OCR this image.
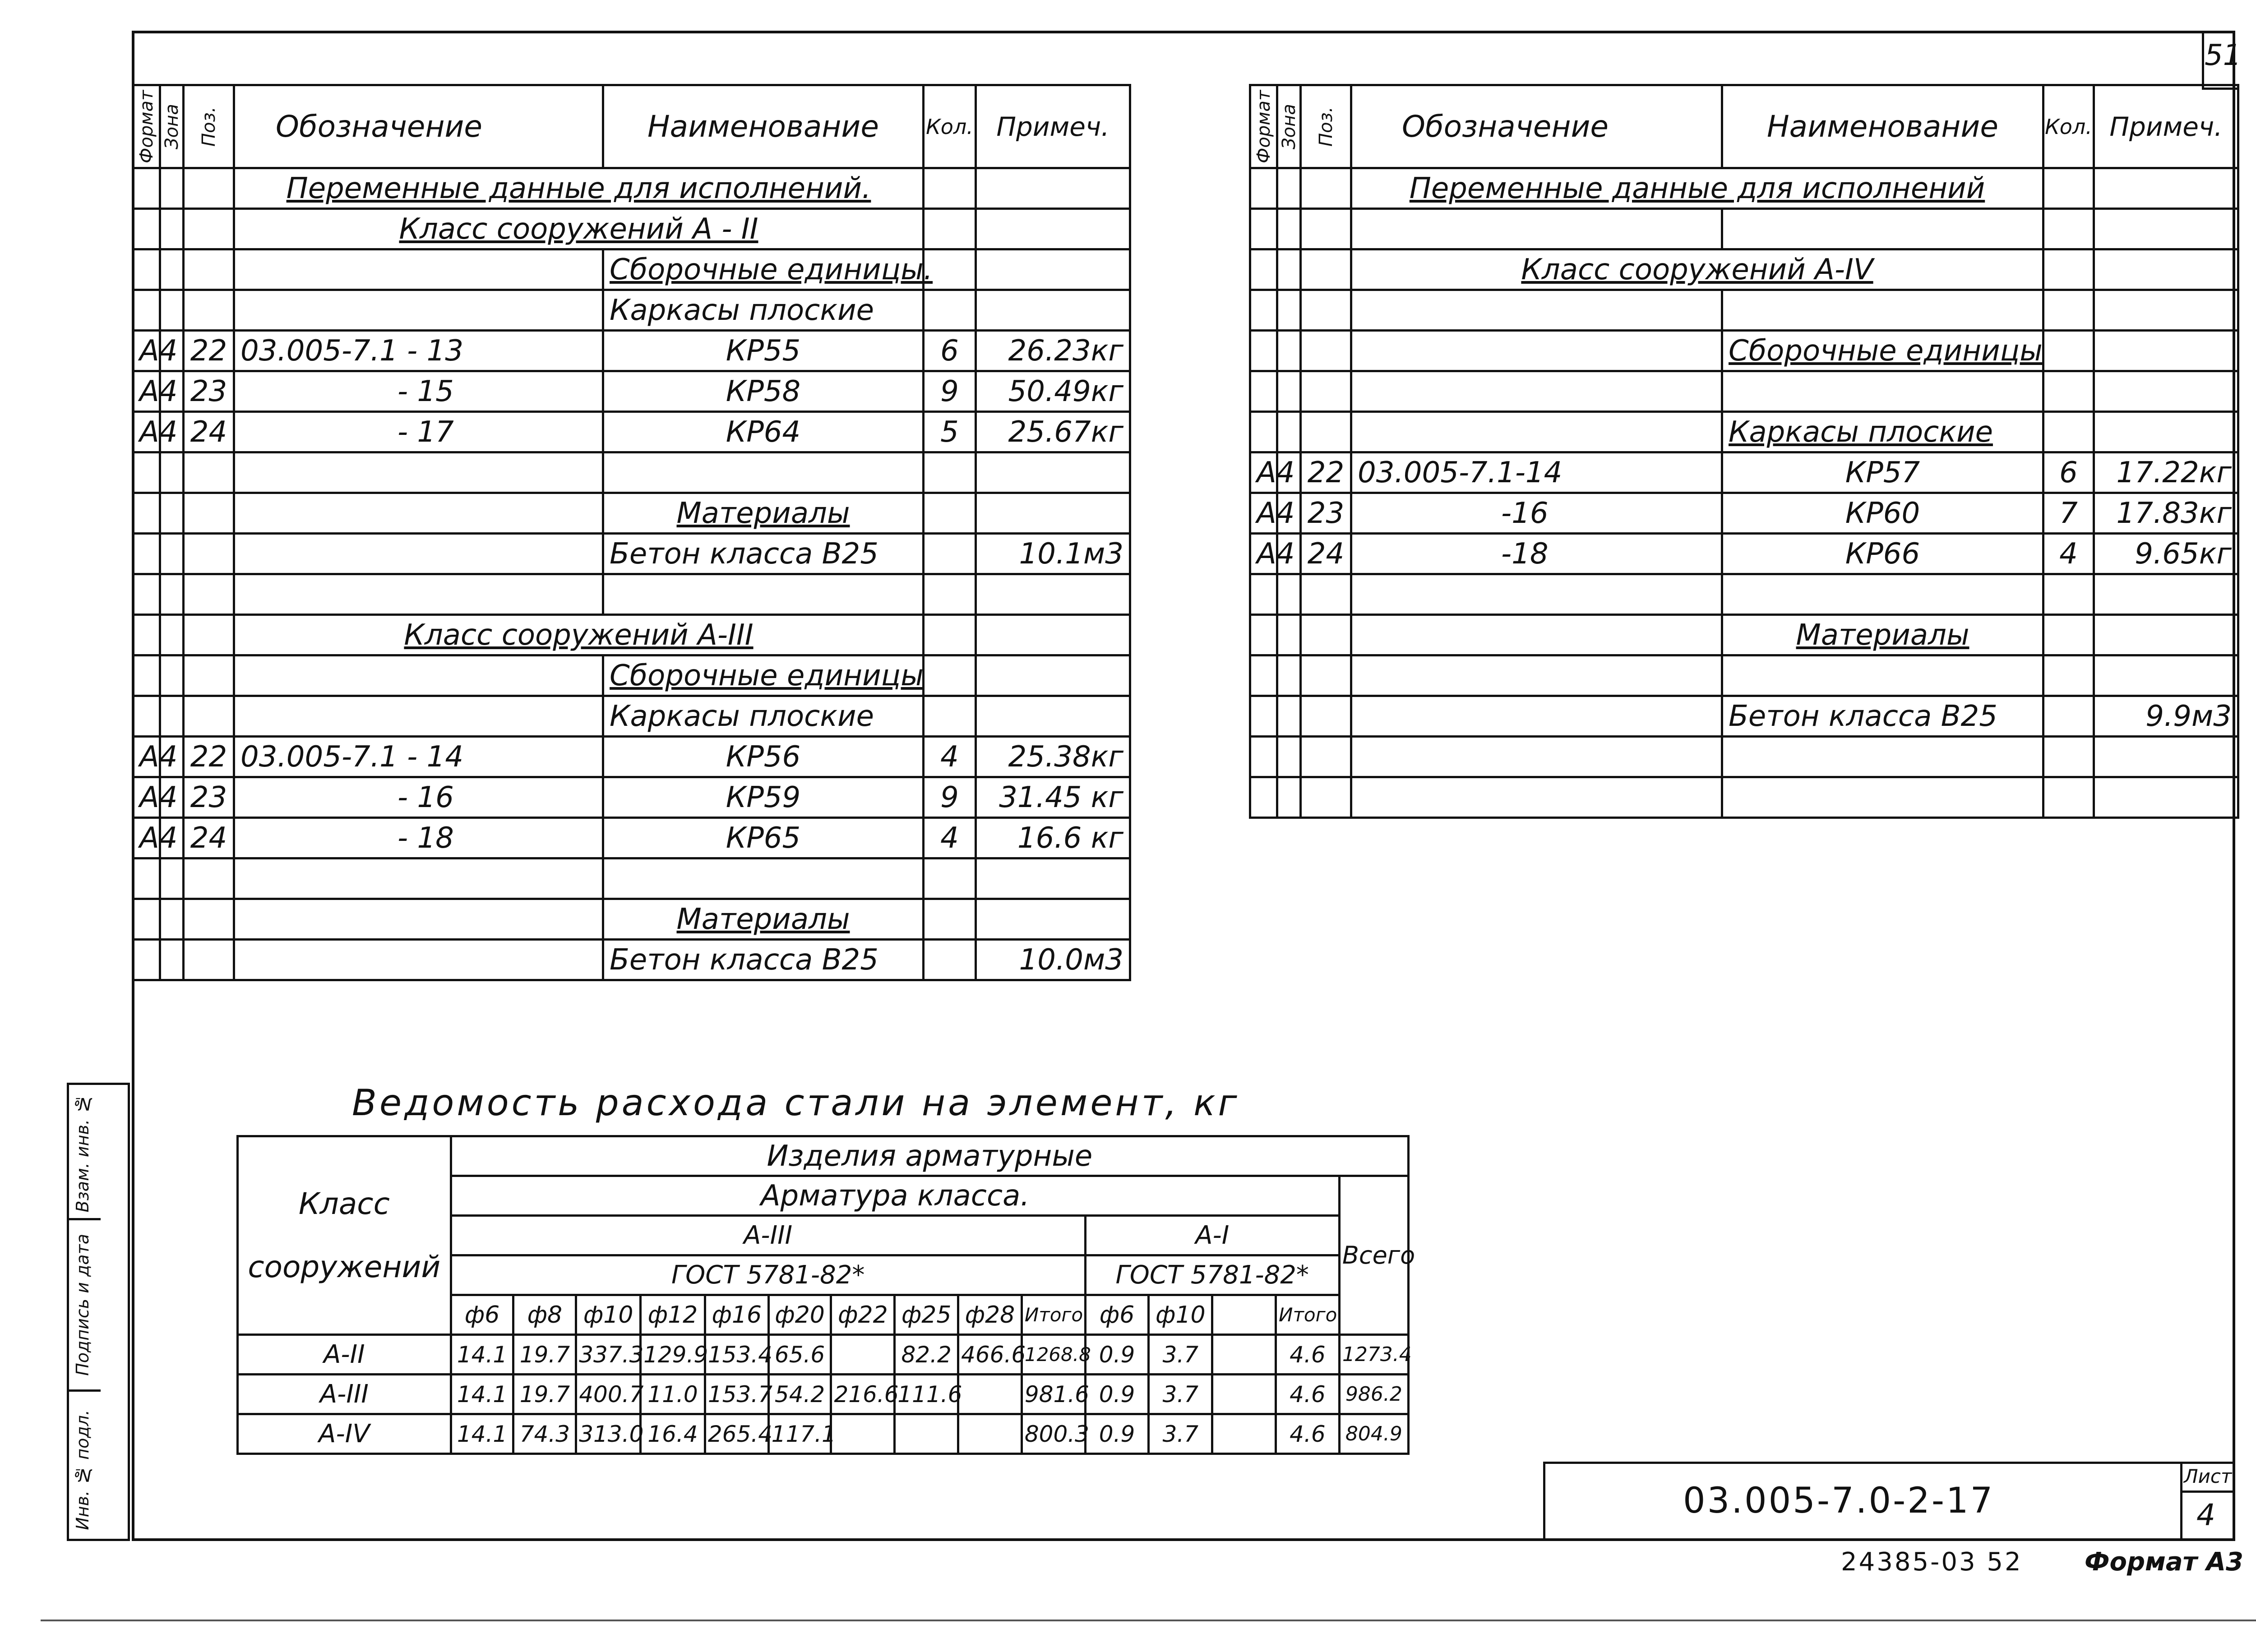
51
Формат	Зона	Поз.	Обозначение	Наименование	Кол.	Примеч.
			Переменные данные для исполнений.			
			Класс сооружений А - II			
				Сборочные единицы.		
				Каркасы плоские		
А4		22	03.005-7.1 - 13	КР55	6	26.23кг
А4		23	- 15	КР58	9	50.49кг
А4		24	- 17	КР64	5	25.67кг

				Материалы		
				Бетон класса В25		10.1м3

			Класс сооружений А-III			
				Сборочные единицы		
				Каркасы плоские		
А4		22	03.005-7.1 - 14	КР56	4	25.38кг
А4		23	- 16	КР59	9	31.45 кг
А4		24	- 18	КР65	4	16.6 кг

				Материалы		
				Бетон класса В25		10.0м3
Формат	Зона	Поз.	Обозначение	Наименование	Кол.	Примеч.
			Переменные данные для исполнений			

			Класс сооружений А-IV			

				Сборочные единицы		

				Каркасы плоские		
А4		22	03.005-7.1-14	КР57	6	17.22кг
А4		23	-16	КР60	7	17.83кг
А4		24	-18	КР66	4	9.65кг

				Материалы		

				Бетон класса В25		9.9м3

Ведомость расхода стали на элемент, кг
Класс
сооружений	Изделия арматурные														
	Арматура класса.														Всего
	А-III										А-I				
	ГОСТ 5781-82*										ГОСТ 5781-82*				
	ф6	ф8	ф10	ф12	ф16	ф20	ф22	ф25	ф28	Итого	ф6	ф10		Итого	
А-II	14.1	19.7	337.3	129.9	153.4	65.6		82.2	466.6	1268.8	0.9	3.7		4.6	1273.4
А-III	14.1	19.7	400.7	11.0	153.7	54.2	216.6	111.6		981.6	0.9	3.7		4.6	986.2
А-IV	14.1	74.3	313.0	16.4	265.4	117.1				800.3	0.9	3.7		4.6	804.9
Взам. инв. №
Подпись и дата
Инв. № подл.	03.005-7.0-2-17
Лист
4
24385-03 52 Формат А3
